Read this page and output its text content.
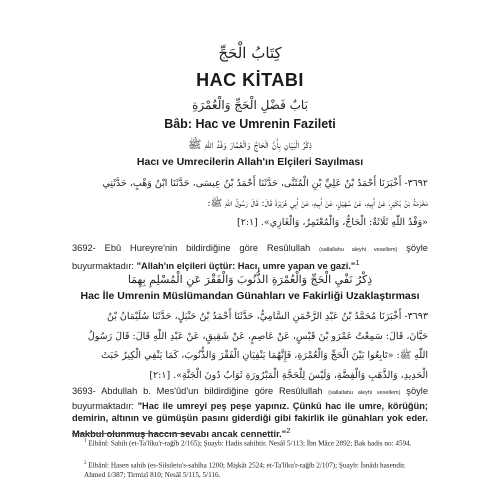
كِتَابُ الْحَجِّ
HAC KİTABI
بَابٌ فَضْلِ الْحَجِّ وَالْعُمْرَةِ
Bâb: Hac ve Umrenin Fazileti
ذِكْرُ الْبَيَانِ بِأَنَّ الْحَاجَّ وَالْعُمَّارَ وَفْدُ اللّٰهِ ﷺ
Hacı ve Umrecilerin Allah'ın Elçileri Sayılması
٣٦٩٢- أَخْبَرَنَا أَحْمَدُ بْنُ عَلِيِّ بْنِ الْمُثَنَّى، حَدَّثَنَا أَحْمَدُ بْنُ عِيسَى، حَدَّثَنَا ابْنُ وَهْبٍ، حَدَّثَنِي
مَخْرَمَةُ بْنُ بُكَيْرٍ، عَنْ أَبِيهِ، عَنْ سُهَيْلٍ، عَنْ أَبِيهِ، عَنْ أَبِي هُرَيْرَةَ قَالَ: قَالَ رَسُولُ اللّٰهِ ﷺ:
«وَفْدُ اللّٰهِ ثَلَاثَةٌ: الْحَاجُّ، وَالْمُعْتَمِرُ، وَالْغَازِي». [٢:١]
3692- Ebû Hureyre'nin bildirdiğine göre Resûlullah (sallallahu aleyhi vesellem) şöyle buyurmaktadır: "Allah'ın elçileri üçtür: Hacı, umre yapan ve gazi."$^1$
ذِكْرُ نَفْيِ الْحَجِّ وَالْعُمْرَةِ الذُّنُوبَ وَالْفَقْرَ عَنِ الْمُسْلِمِ بِهِمَا
Hac İle Umrenin Müslümandan Günahları ve Fakirliği Uzaklaştırması
٣٦٩٣- أَخْبَرَنَا مُحَمَّدُ بْنُ عَبْدِ الرَّحْمَنِ السَّامِيُّ، حَدَّثَنَا أَحْمَدُ بْنُ حَنْبَلٍ، حَدَّثَنَا سُلَيْمَانُ بْنُ
حَيَّانَ، قَالَ: سَمِعْتُ عَمْرَو بْنَ قَيْسٍ، عَنْ عَاصِمٍ، عَنْ شَقِيقٍ، عَنْ عَبْدِ اللّٰهِ قَالَ: قَالَ رَسُولُ
اللّٰهِ ﷺ: «تَابِعُوا بَيْنَ الْحَجِّ وَالْعُمْرَةِ، فَإِنَّهُمَا يَنْفِيَانِ الْفَقْرَ وَالذُّنُوبَ، كَمَا يَنْفِي الْكِيرُ خَبَثَ
الْحَدِيدِ، وَالذَّهَبِ وَالْفِضَّةِ، وَلَيْسَ لِلْحَجَّةِ الْمَبْرُورَةِ ثَوَابٌ دُونَ الْجَنَّةِ». [٢:١]
3693- Abdullah b. Mes'ûd'un bildirdiğine göre Resûlullah (sallallahu aleyhi vesellem) şöyle buyurmaktadır: "Hac ile umreyi peş peşe yapınız. Çünkü hac ile umre, körüğün; demirin, altının ve gümüşün pasını giderdiği gibi fakirlik ile günahları yok eder. Makbul olunmuş haccın sevabı ancak cennettir."$^2$
$^1$ Elbânî: Sahih (et-Ta'lîku'r-rağîb 2/165); Şuayb: Hadis sahihtir. Nesâî 5/113; İbn Mâce 2892; Bak hadis no: 4594.
$^2$ Elbânî: Hasen sahih (es-Silsiletu's-sahîha 1200; Mişkât 2524; et-Ta'lîku'r-rağîb 2/107); Şuayb: İsnâdı hasendir. Ahmed 1/387; Tirmizî 810; Nesâî 5/115, 5/116.
